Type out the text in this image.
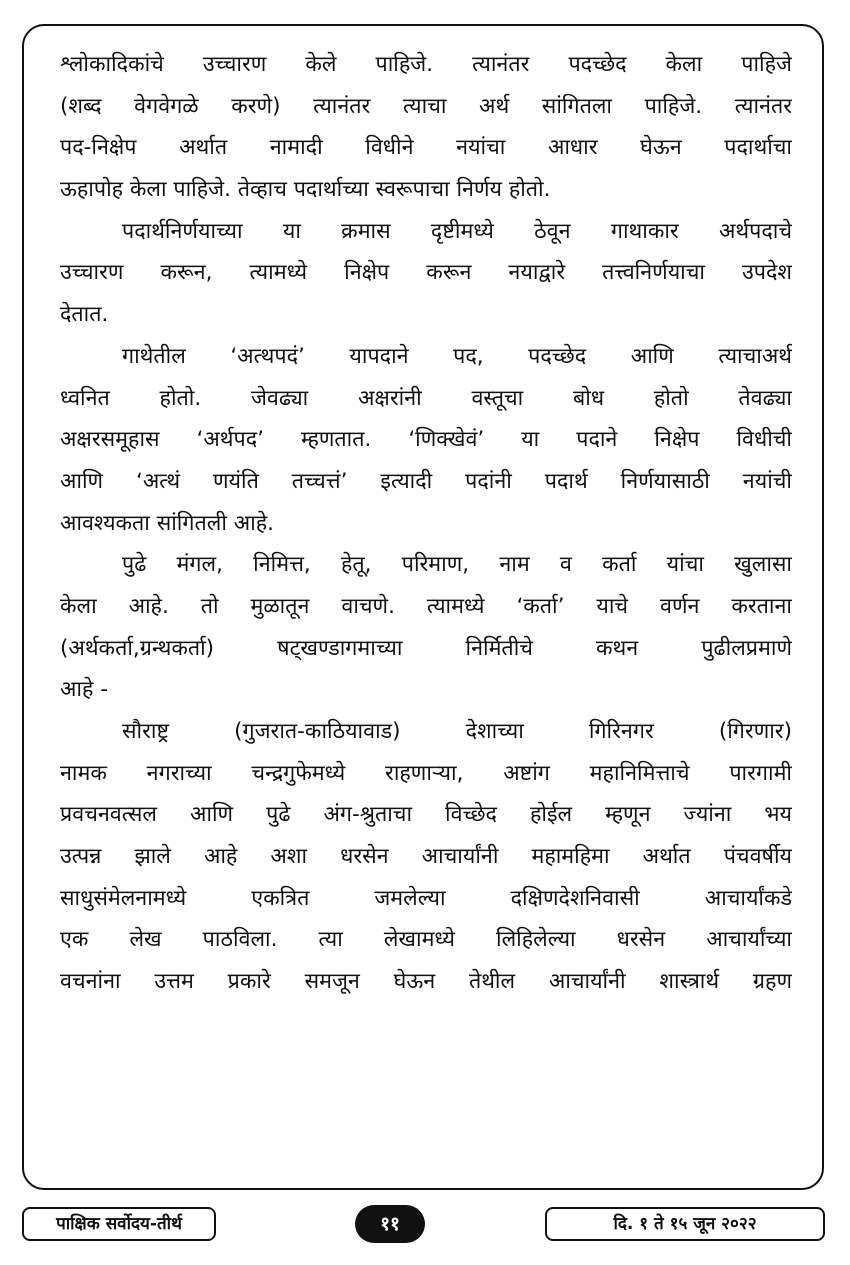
श्लोकादिकांचे उच्चारण केले पाहिजे. त्यानंतर पदच्छेद केला पाहिजे
(शब्द वेगवेगळे करणे) त्यानंतर त्याचा अर्थ सांगितला पाहिजे. त्यानंतर
पद-निक्षेप अर्थात नामादी विधीने नयांचा आधार घेऊन पदार्थाचा
ऊहापोह केला पाहिजे. तेव्हाच पदार्थाच्या स्वरूपाचा निर्णय होतो.
पदार्थनिर्णयाच्या या क्रमास दृष्टीमध्ये ठेवून गाथाकार अर्थपदाचे
उच्चारण करून, त्यामध्ये निक्षेप करून नयाद्वारे तत्त्वनिर्णयाचा उपदेश
देतात.
गाथेतील ‘अत्थपदं’ यापदाने पद, पदच्छेद आणि त्याचाअर्थ
ध्वनित होतो. जेवढ्या अक्षरांनी वस्तूचा बोध होतो तेवढ्या
अक्षरसमूहास ‘अर्थपद’ म्हणतात. ‘णिक्खेवं’ या पदाने निक्षेप विधीची
आणि ‘अत्थं णयंति तच्चत्तं’ इत्यादी पदांनी पदार्थ निर्णयासाठी नयांची
आवश्यकता सांगितली आहे.
पुढे मंगल, निमित्त, हेतू, परिमाण, नाम व कर्ता यांचा खुलासा
केला आहे. तो मुळातून वाचणे. त्यामध्ये ‘कर्ता’ याचे वर्णन करताना
(अर्थकर्ता,ग्रन्थकर्ता) षट्खण्डागमाच्या निर्मितीचे कथन पुढीलप्रमाणे
आहे -
सौराष्ट्र (गुजरात-काठियावाड) देशाच्या गिरिनगर (गिरणार)
नामक नगराच्या चन्द्रगुफेमध्ये राहणाऱ्या, अष्टांग महानिमित्ताचे पारगामी
प्रवचनवत्सल आणि पुढे अंग-श्रुताचा विच्छेद होईल म्हणून ज्यांना भय
उत्पन्न झाले आहे अशा धरसेन आचार्यांनी महामहिमा अर्थात पंचवर्षीय
साधुसंमेलनामध्ये एकत्रित जमलेल्या दक्षिणदेशनिवासी आचार्यांकडे
एक लेख पाठविला. त्या लेखामध्ये लिहिलेल्या धरसेन आचार्यांच्या
वचनांना उत्तम प्रकारे समजून घेऊन तेथील आचार्यांनी शास्त्रार्थ ग्रहण
पाक्षिक सर्वोदय-तीर्थ	११	दि. १ ते १५ जून २०२२
